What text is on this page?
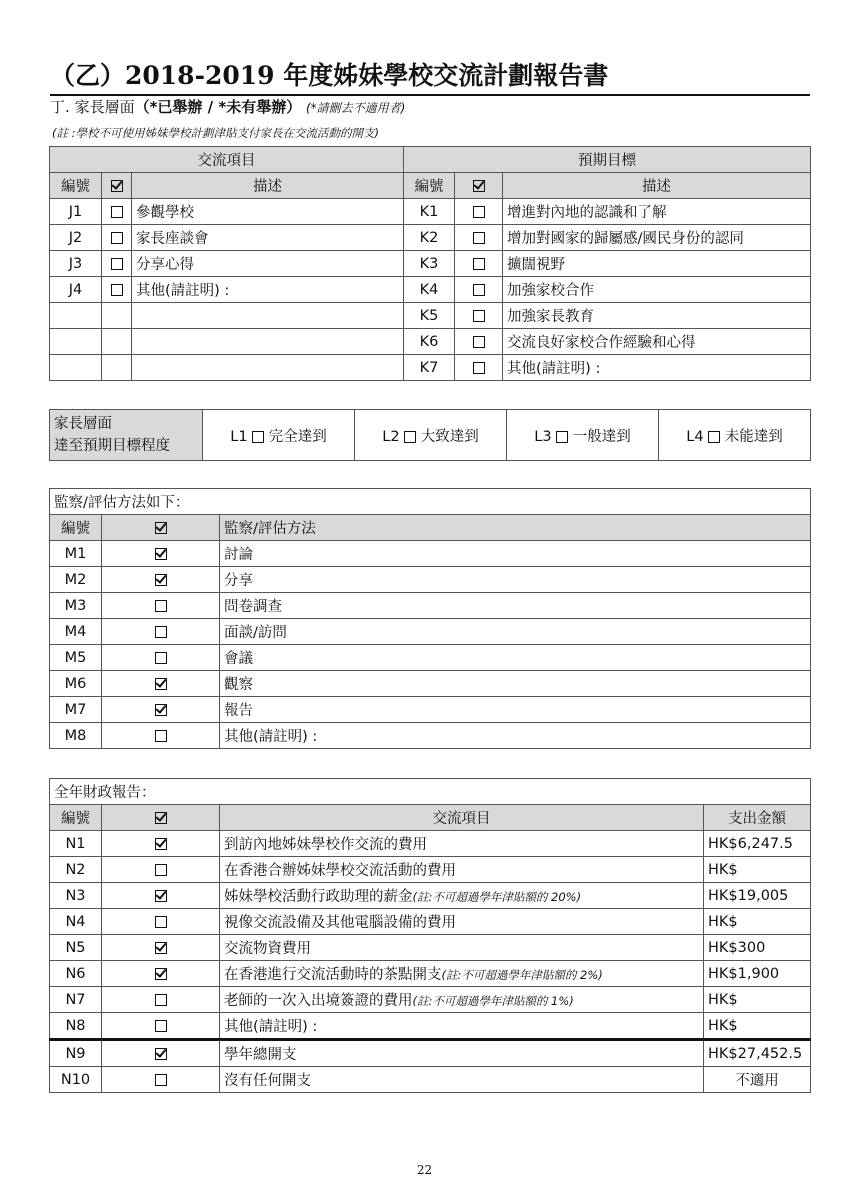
（乙）2018-2019 年度姊妹學校交流計劃報告書
丁. 家長層面（*已舉辦 / *未有舉辦） (*請刪去不適用者)
(註 :學校不可使用姊妹學校計劃津貼支付家長在交流活動的開支)
交流項目			預期目標		
編號		描述	編號		描述
J1		參觀學校	K1		增進對內地的認識和了解
J2		家長座談會	K2		增加對國家的歸屬感/國民身份的認同
J3		分享心得	K3		擴闊視野
J4		其他(請註明) :	K4		加強家校合作
			K5		加強家長教育
			K6		交流良好家校合作經驗和心得
			K7		其他(請註明) :
家長層面
達至預期目標程度
	L1 完全達到	L2 大致達到	L3 一般達到	L4 未能達到
監察/評估方法如下：		
編號		監察/評估方法
M1		討論
M2		分享
M3		問卷調查
M4		面談/訪問
M5		會議
M6		觀察
M7		報告
M8		其他(請註明) :
全年財政報告：			
編號		交流項目	支出金額
N1		到訪內地姊妹學校作交流的費用	HK$6,247.5
N2		在香港合辦姊妹學校交流活動的費用	HK$
N3		姊妹學校活動行政助理的薪金(註:不可超過學年津貼額的 20%)	HK$19,005
N4		視像交流設備及其他電腦設備的費用	HK$
N5		交流物資費用	HK$300
N6		在香港進行交流活動時的茶點開支(註:不可超過學年津貼額的 2%)	HK$1,900
N7		老師的一次入出境簽證的費用(註:不可超過學年津貼額的 1%)	HK$
N8		其他(請註明) :	HK$
N9		學年總開支	HK$27,452.5
N10		沒有任何開支	不適用
22
